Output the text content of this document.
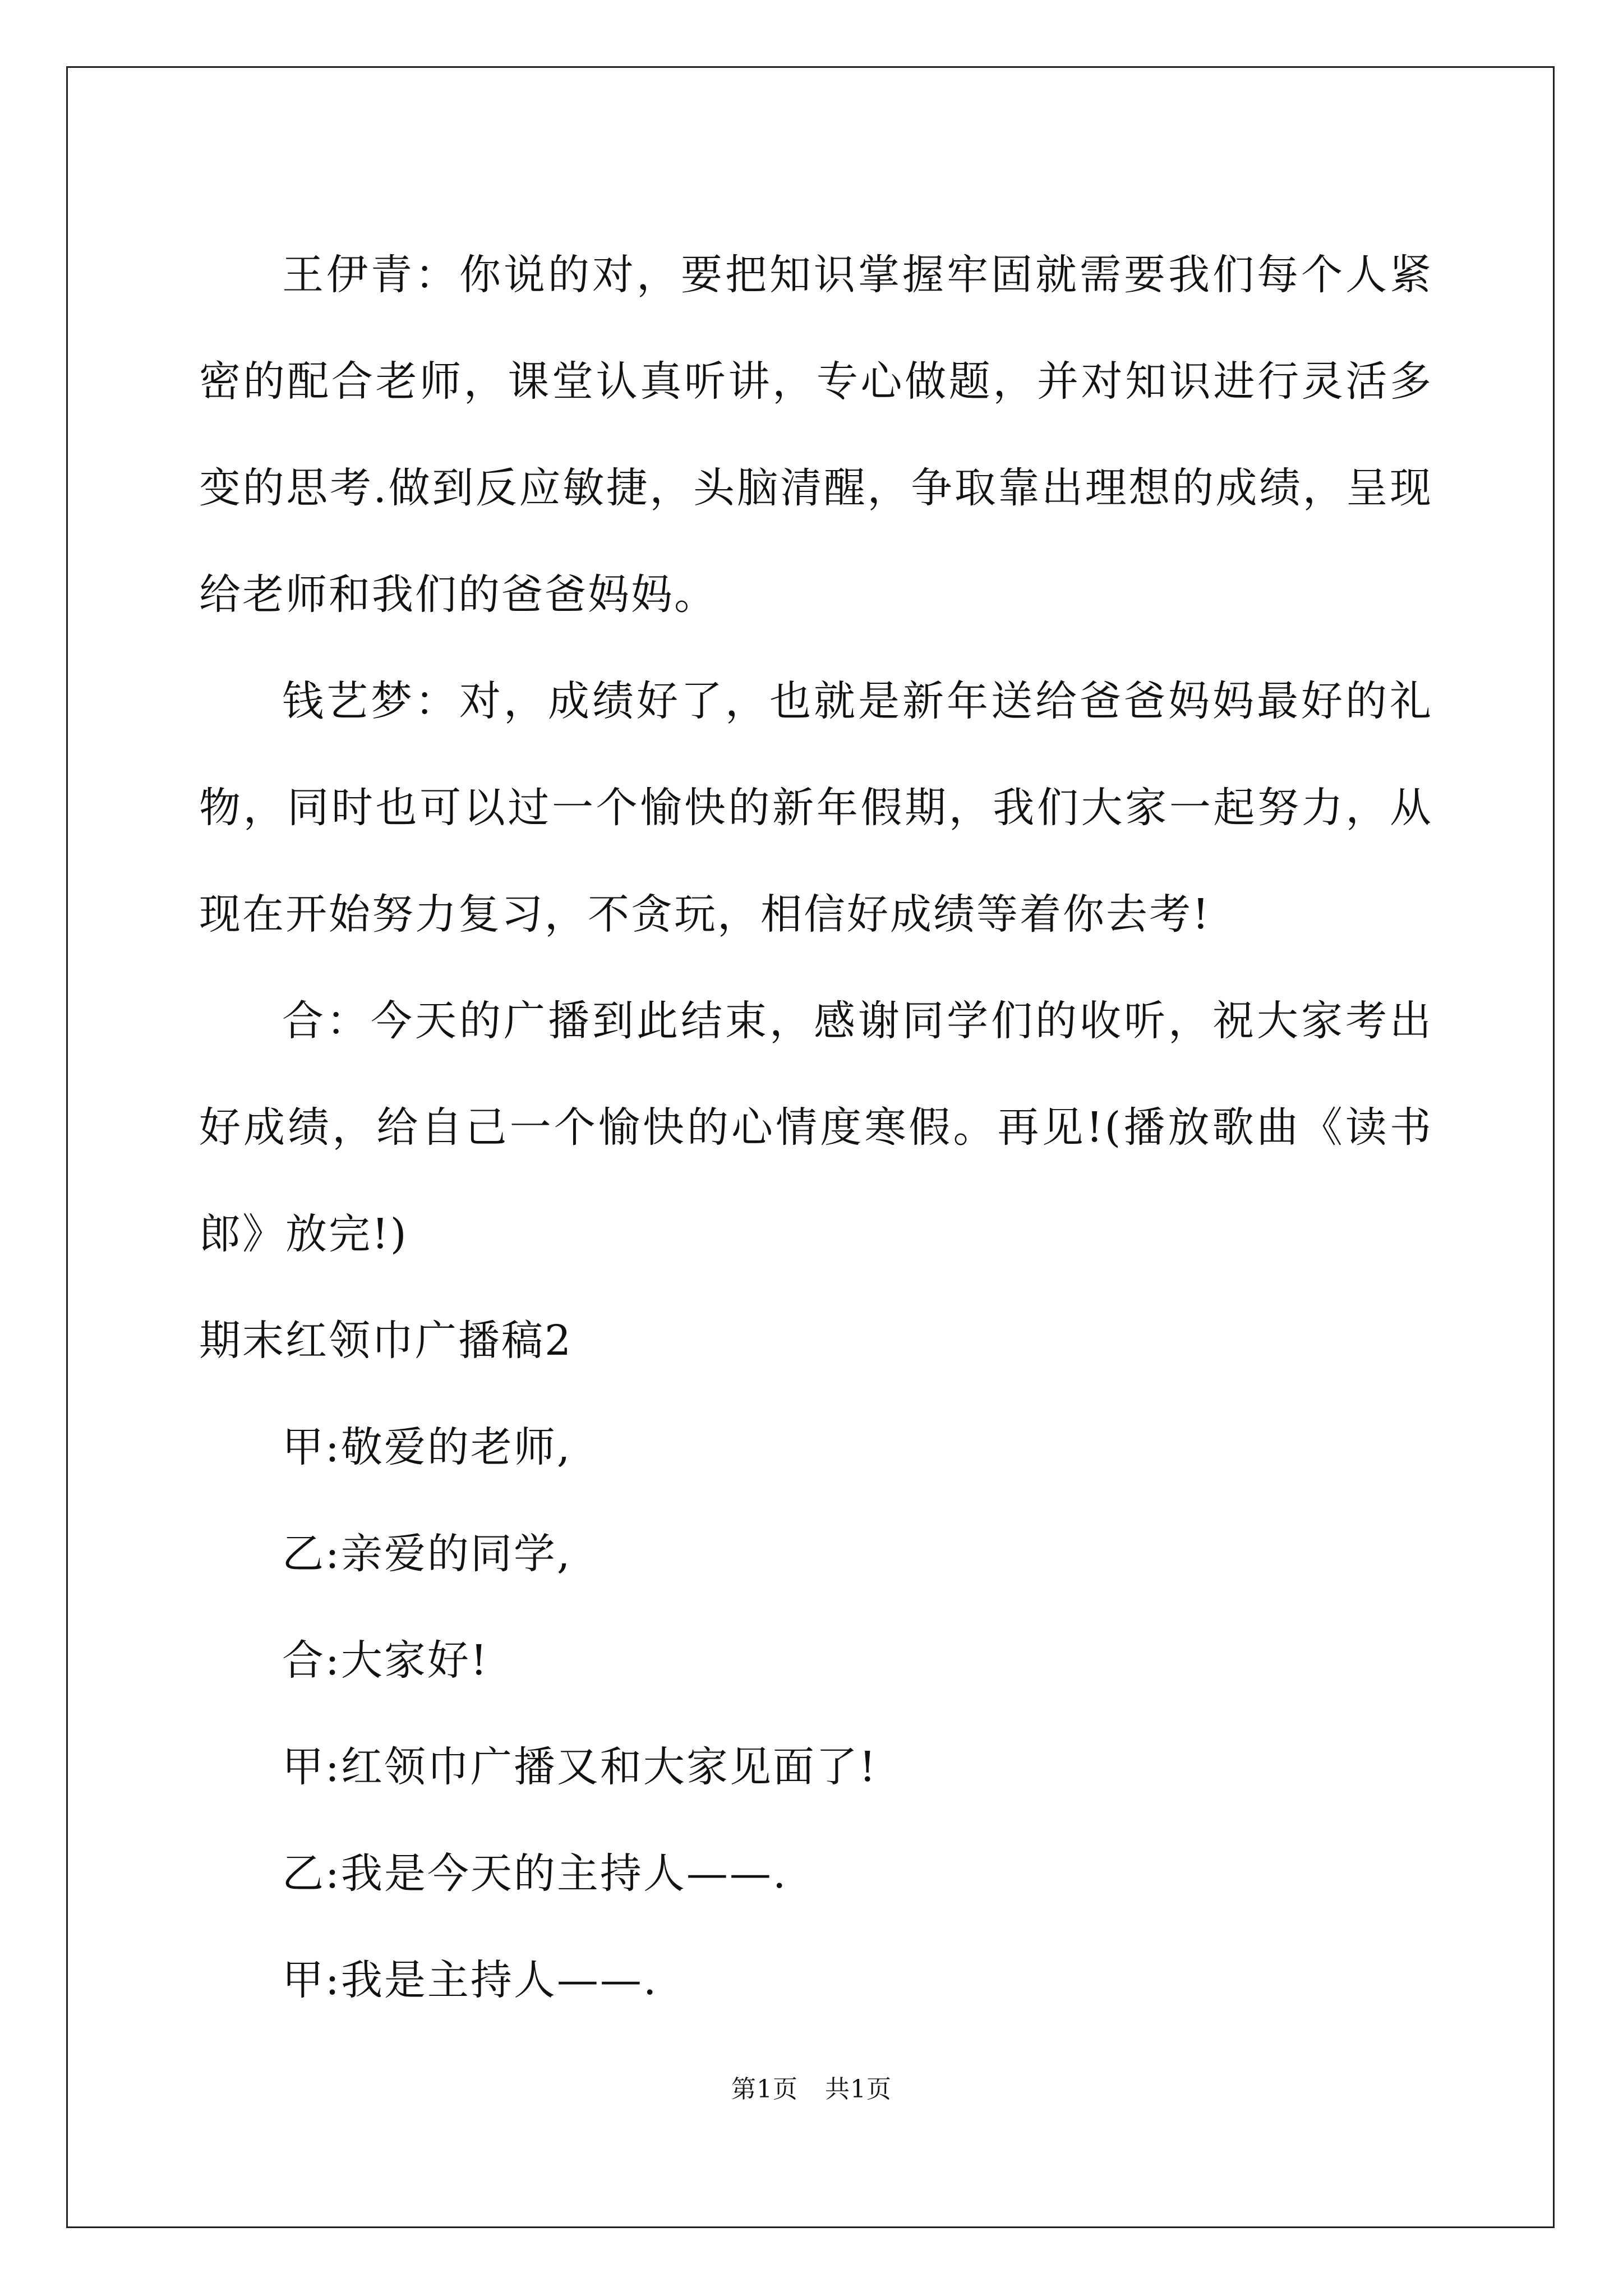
王伊青：你说的对，要把知识掌握牢固就需要我们每个人紧密的配合老师，课堂认真听讲，专心做题，并对知识进行灵活多变的思考.做到反应敏捷，头脑清醒，争取靠出理想的成绩，呈现给老师和我们的爸爸妈妈。

钱艺梦：对，成绩好了，也就是新年送给爸爸妈妈最好的礼物，同时也可以过一个愉快的新年假期，我们大家一起努力，从现在开始努力复习，不贪玩，相信好成绩等着你去考!

合：今天的广播到此结束，感谢同学们的收听，祝大家考出好成绩，给自己一个愉快的心情度寒假。再见!(播放歌曲《读书郎》放完!)

期末红领巾广播稿2

甲:敬爱的老师,

乙:亲爱的同学,

合:大家好!

甲:红领巾广播又和大家见面了!

乙:我是今天的主持人——.

甲:我是主持人——.

第1页 共1页
